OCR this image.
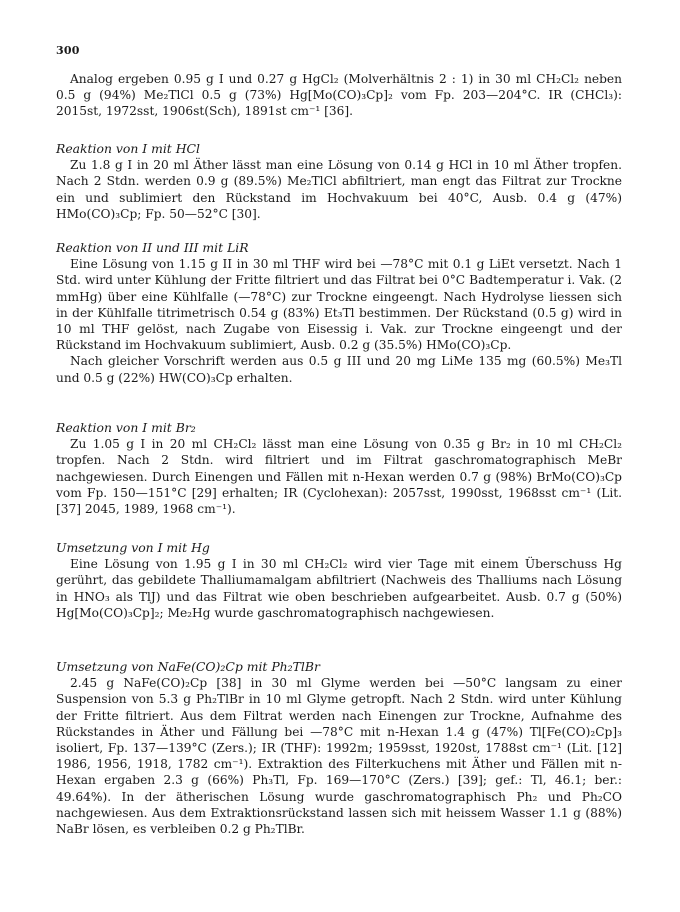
300

Analog ergeben 0.95 g I und 0.27 g HgCl₂ (Molverhältnis 2 : 1) in 30 ml CH₂Cl₂ neben 0.5 g (94%) Me₂TlCl 0.5 g (73%) Hg[Mo(CO)₃Cp]₂ vom Fp. 203—204°C. IR (CHCl₃): 2015st, 1972sst, 1906st(Sch), 1891st cm⁻¹ [36].

Reaktion von I mit HCl

Zu 1.8 g I in 20 ml Äther lässt man eine Lösung von 0.14 g HCl in 10 ml Äther tropfen. Nach 2 Stdn. werden 0.9 g (89.5%) Me₂TlCl abfiltriert, man engt das Filtrat zur Trockne ein und sublimiert den Rückstand im Hochvakuum bei 40°C, Ausb. 0.4 g (47%) HMo(CO)₃Cp; Fp. 50—52°C [30].

Reaktion von II und III mit LiR

Eine Lösung von 1.15 g II in 30 ml THF wird bei —78°C mit 0.1 g LiEt versetzt. Nach 1 Std. wird unter Kühlung der Fritte filtriert und das Filtrat bei 0°C Badtemperatur i. Vak. (2 mmHg) über eine Kühlfalle (—78°C) zur Trockne eingeengt. Nach Hydrolyse liessen sich in der Kühlfalle titrimetrisch 0.54 g (83%) Et₃Tl bestimmen. Der Rückstand (0.5 g) wird in 10 ml THF gelöst, nach Zugabe von Eisessig i. Vak. zur Trockne eingeengt und der Rückstand im Hochvakuum sublimiert, Ausb. 0.2 g (35.5%) HMo(CO)₃Cp.

Nach gleicher Vorschrift werden aus 0.5 g III und 20 mg LiMe 135 mg (60.5%) Me₃Tl und 0.5 g (22%) HW(CO)₃Cp erhalten.

Reaktion von I mit Br₂

Zu 1.05 g I in 20 ml CH₂Cl₂ lässt man eine Lösung von 0.35 g Br₂ in 10 ml CH₂Cl₂ tropfen. Nach 2 Stdn. wird filtriert und im Filtrat gaschromatographisch MeBr nachgewiesen. Durch Einengen und Fällen mit n-Hexan werden 0.7 g (98%) BrMo(CO)₃Cp vom Fp. 150—151°C [29] erhalten; IR (Cyclohexan): 2057sst, 1990sst, 1968sst cm⁻¹ (Lit. [37] 2045, 1989, 1968 cm⁻¹).

Umsetzung von I mit Hg

Eine Lösung von 1.95 g I in 30 ml CH₂Cl₂ wird vier Tage mit einem Überschuss Hg gerührt, das gebildete Thalliumamalgam abfiltriert (Nachweis des Thalliums nach Lösung in HNO₃ als TlJ) und das Filtrat wie oben beschrieben aufgearbeitet. Ausb. 0.7 g (50%) Hg[Mo(CO)₃Cp]₂; Me₂Hg wurde gaschromatographisch nachgewiesen.

Umsetzung von NaFe(CO)₂Cp mit Ph₂TlBr

2.45 g NaFe(CO)₂Cp [38] in 30 ml Glyme werden bei —50°C langsam zu einer Suspension von 5.3 g Ph₂TlBr in 10 ml Glyme getropft. Nach 2 Stdn. wird unter Kühlung der Fritte filtriert. Aus dem Filtrat werden nach Einengen zur Trockne, Aufnahme des Rückstandes in Äther und Fällung bei —78°C mit n-Hexan 1.4 g (47%) Tl[Fe(CO)₂Cp]₃ isoliert, Fp. 137—139°C (Zers.); IR (THF): 1992m; 1959sst, 1920st, 1788st cm⁻¹ (Lit. [12] 1986, 1956, 1918, 1782 cm⁻¹). Extraktion des Filterkuchens mit Äther und Fällen mit n-Hexan ergaben 2.3 g (66%) Ph₃Tl, Fp. 169—170°C (Zers.) [39]; gef.: Tl, 46.1; ber.: 49.64%). In der ätherischen Lösung wurde gaschromatographisch Ph₂ und Ph₂CO nachgewiesen. Aus dem Extraktionsrückstand lassen sich mit heissem Wasser 1.1 g (88%) NaBr lösen, es verbleiben 0.2 g Ph₂TlBr.
